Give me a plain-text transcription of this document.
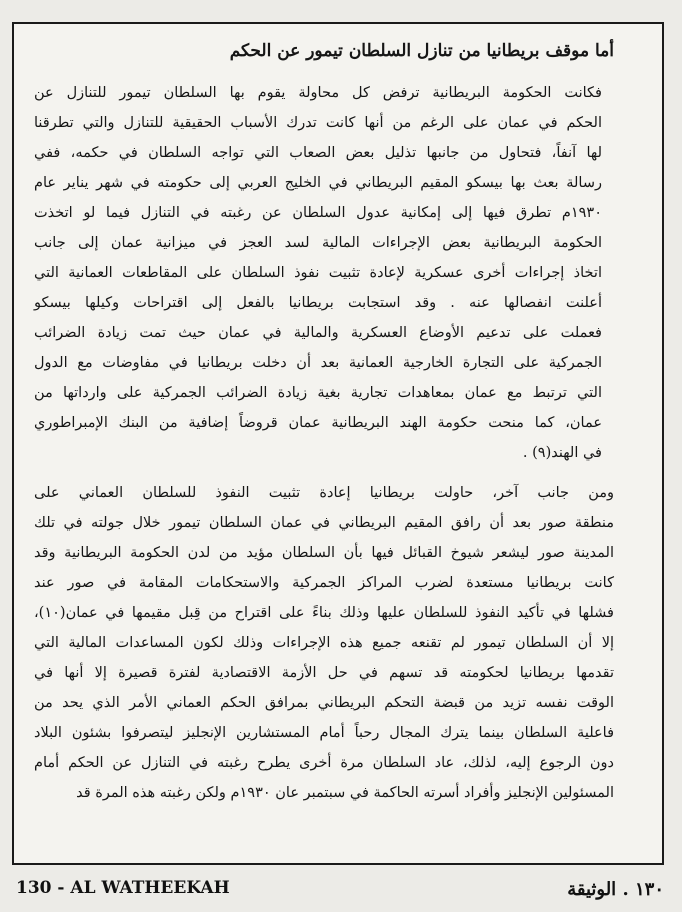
أما موقف بريطانيا من تنازل السلطان تيمور عن الحكم

فكانت الحكومة البريطانية ترفض كل محاولة يقوم بها السلطان تيمور للتنازل عن

الحكم في عمان على الرغم من أنها كانت تدرك الأسباب الحقيقية للتنازل والتي تطرقنا

لها آنفاً، فتحاول من جانبها تذليل بعض الصعاب التي تواجه السلطان في حكمه، ففي

رسالة بعث بها بيسكو المقيم البريطاني في الخليج العربي إلى حكومته في شهر يناير عام

١٩٣٠م تطرق فيها إلى إمكانية عدول السلطان عن رغبته في التنازل فيما لو اتخذت

الحكومة البريطانية بعض الإجراءات المالية لسد العجز في ميزانية عمان إلى جانب

اتخاذ إجراءات أخرى عسكرية لإعادة تثبيت نفوذ السلطان على المقاطعات العمانية التي

أعلنت انفصالها عنه . وقد استجابت بريطانيا بالفعل إلى اقتراحات وكيلها بيسكو

فعملت على تدعيم الأوضاع العسكرية والمالية في عمان حيث تمت زيادة الضرائب

الجمركية على التجارة الخارجية العمانية بعد أن دخلت بريطانيا في مفاوضات مع الدول

التي ترتبط مع عمان بمعاهدات تجارية بغية زيادة الضرائب الجمركية على وارداتها من

عمان، كما منحت حكومة الهند البريطانية عمان قروضاً إضافية من البنك الإمبراطوري

في الهند(٩) .

ومن جانب آخر، حاولت بريطانيا إعادة تثبيت النفوذ للسلطان العماني على

منطقة صور بعد أن رافق المقيم البريطاني في عمان السلطان تيمور خلال جولته في تلك

المدينة صور ليشعر شيوخ القبائل فيها بأن السلطان مؤيد من لدن الحكومة البريطانية وقد

كانت بريطانيا مستعدة لضرب المراكز الجمركية والاستحكامات المقامة في صور عند

فشلها في تأكيد النفوذ للسلطان عليها وذلك بناءً على اقتراح من قِبل مقيمها في عمان(١٠)،

إلا أن السلطان تيمور لم تقنعه جميع هذه الإجراءات وذلك لكون المساعدات المالية التي

تقدمها بريطانيا لحكومته قد تسهم في حل الأزمة الاقتصادية لفترة قصيرة إلا أنها في

الوقت نفسه تزيد من قبضة التحكم البريطاني بمرافق الحكم العماني الأمر الذي يحد من

فاعلية السلطان بينما يترك المجال رحباً أمام المستشارين الإنجليز ليتصرفوا بشئون البلاد

دون الرجوع إليه، لذلك، عاد السلطان مرة أخرى يطرح رغبته في التنازل عن الحكم أمام

المسئولين الإنجليز وأفراد أسرته الحاكمة في سبتمبر عان ١٩٣٠م ولكن رغبته هذه المرة قد

130 - AL WATHEEKAH	١٣٠ . الوثيقة
